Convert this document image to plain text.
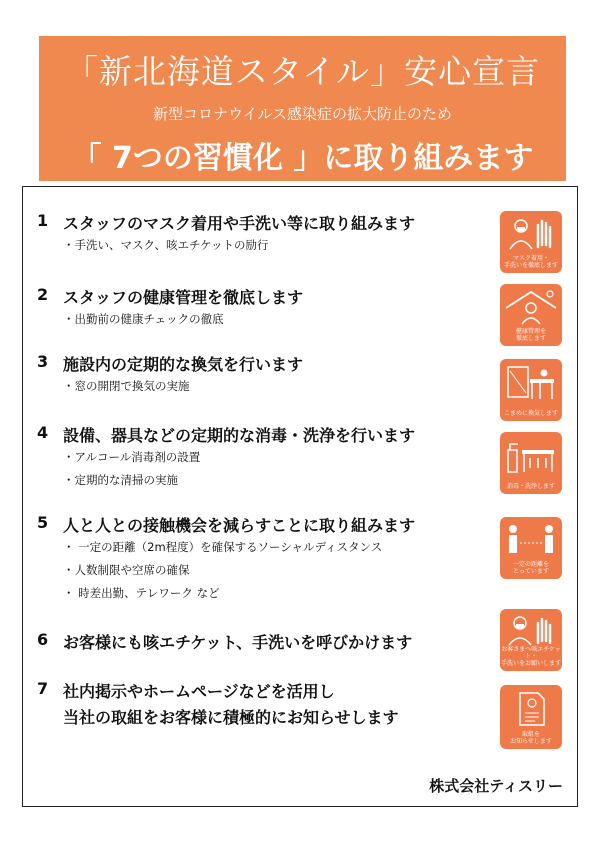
「新北海道スタイル」安心宣言
新型コロナウイルス感染症の拡大防止のため
「 7つの習慣化 」に取り組みます
1 スタッフのマスク着用や手洗い等に取り組みます
・ 手洗い、マスク、咳エチケットの励行
マスク着用・
手洗いを徹底します
2 スタッフの健康管理を徹底します
・ 出勤前の健康チェックの徹底
健康管理を
徹底します
3 施設内の定期的な換気を行います
・ 窓の開閉で換気の実施
こまめに換気します
4 設備、器具などの定期的な消毒・洗浄を行います
・ アルコール消毒剤の設置
・ 定期的な清掃の実施	消毒・洗浄します
5 人と人との接触機会を減らすことに取り組みます
・ 一定の距離（2m程度）を確保するソーシャルディスタンス
・ 人数制限や空席の確保
・ 時差出勤、テレワーク など
一定の距離を
とっています
6 お客様にも咳エチケット、手洗いを呼びかけます	お客さまへ咳エチケット・
手洗いをお願いします
7 社内掲示やホームページなどを活用し
当社の取組をお客様に積極的にお知らせします
取組を
お知らせします
株式会社ティスリー
